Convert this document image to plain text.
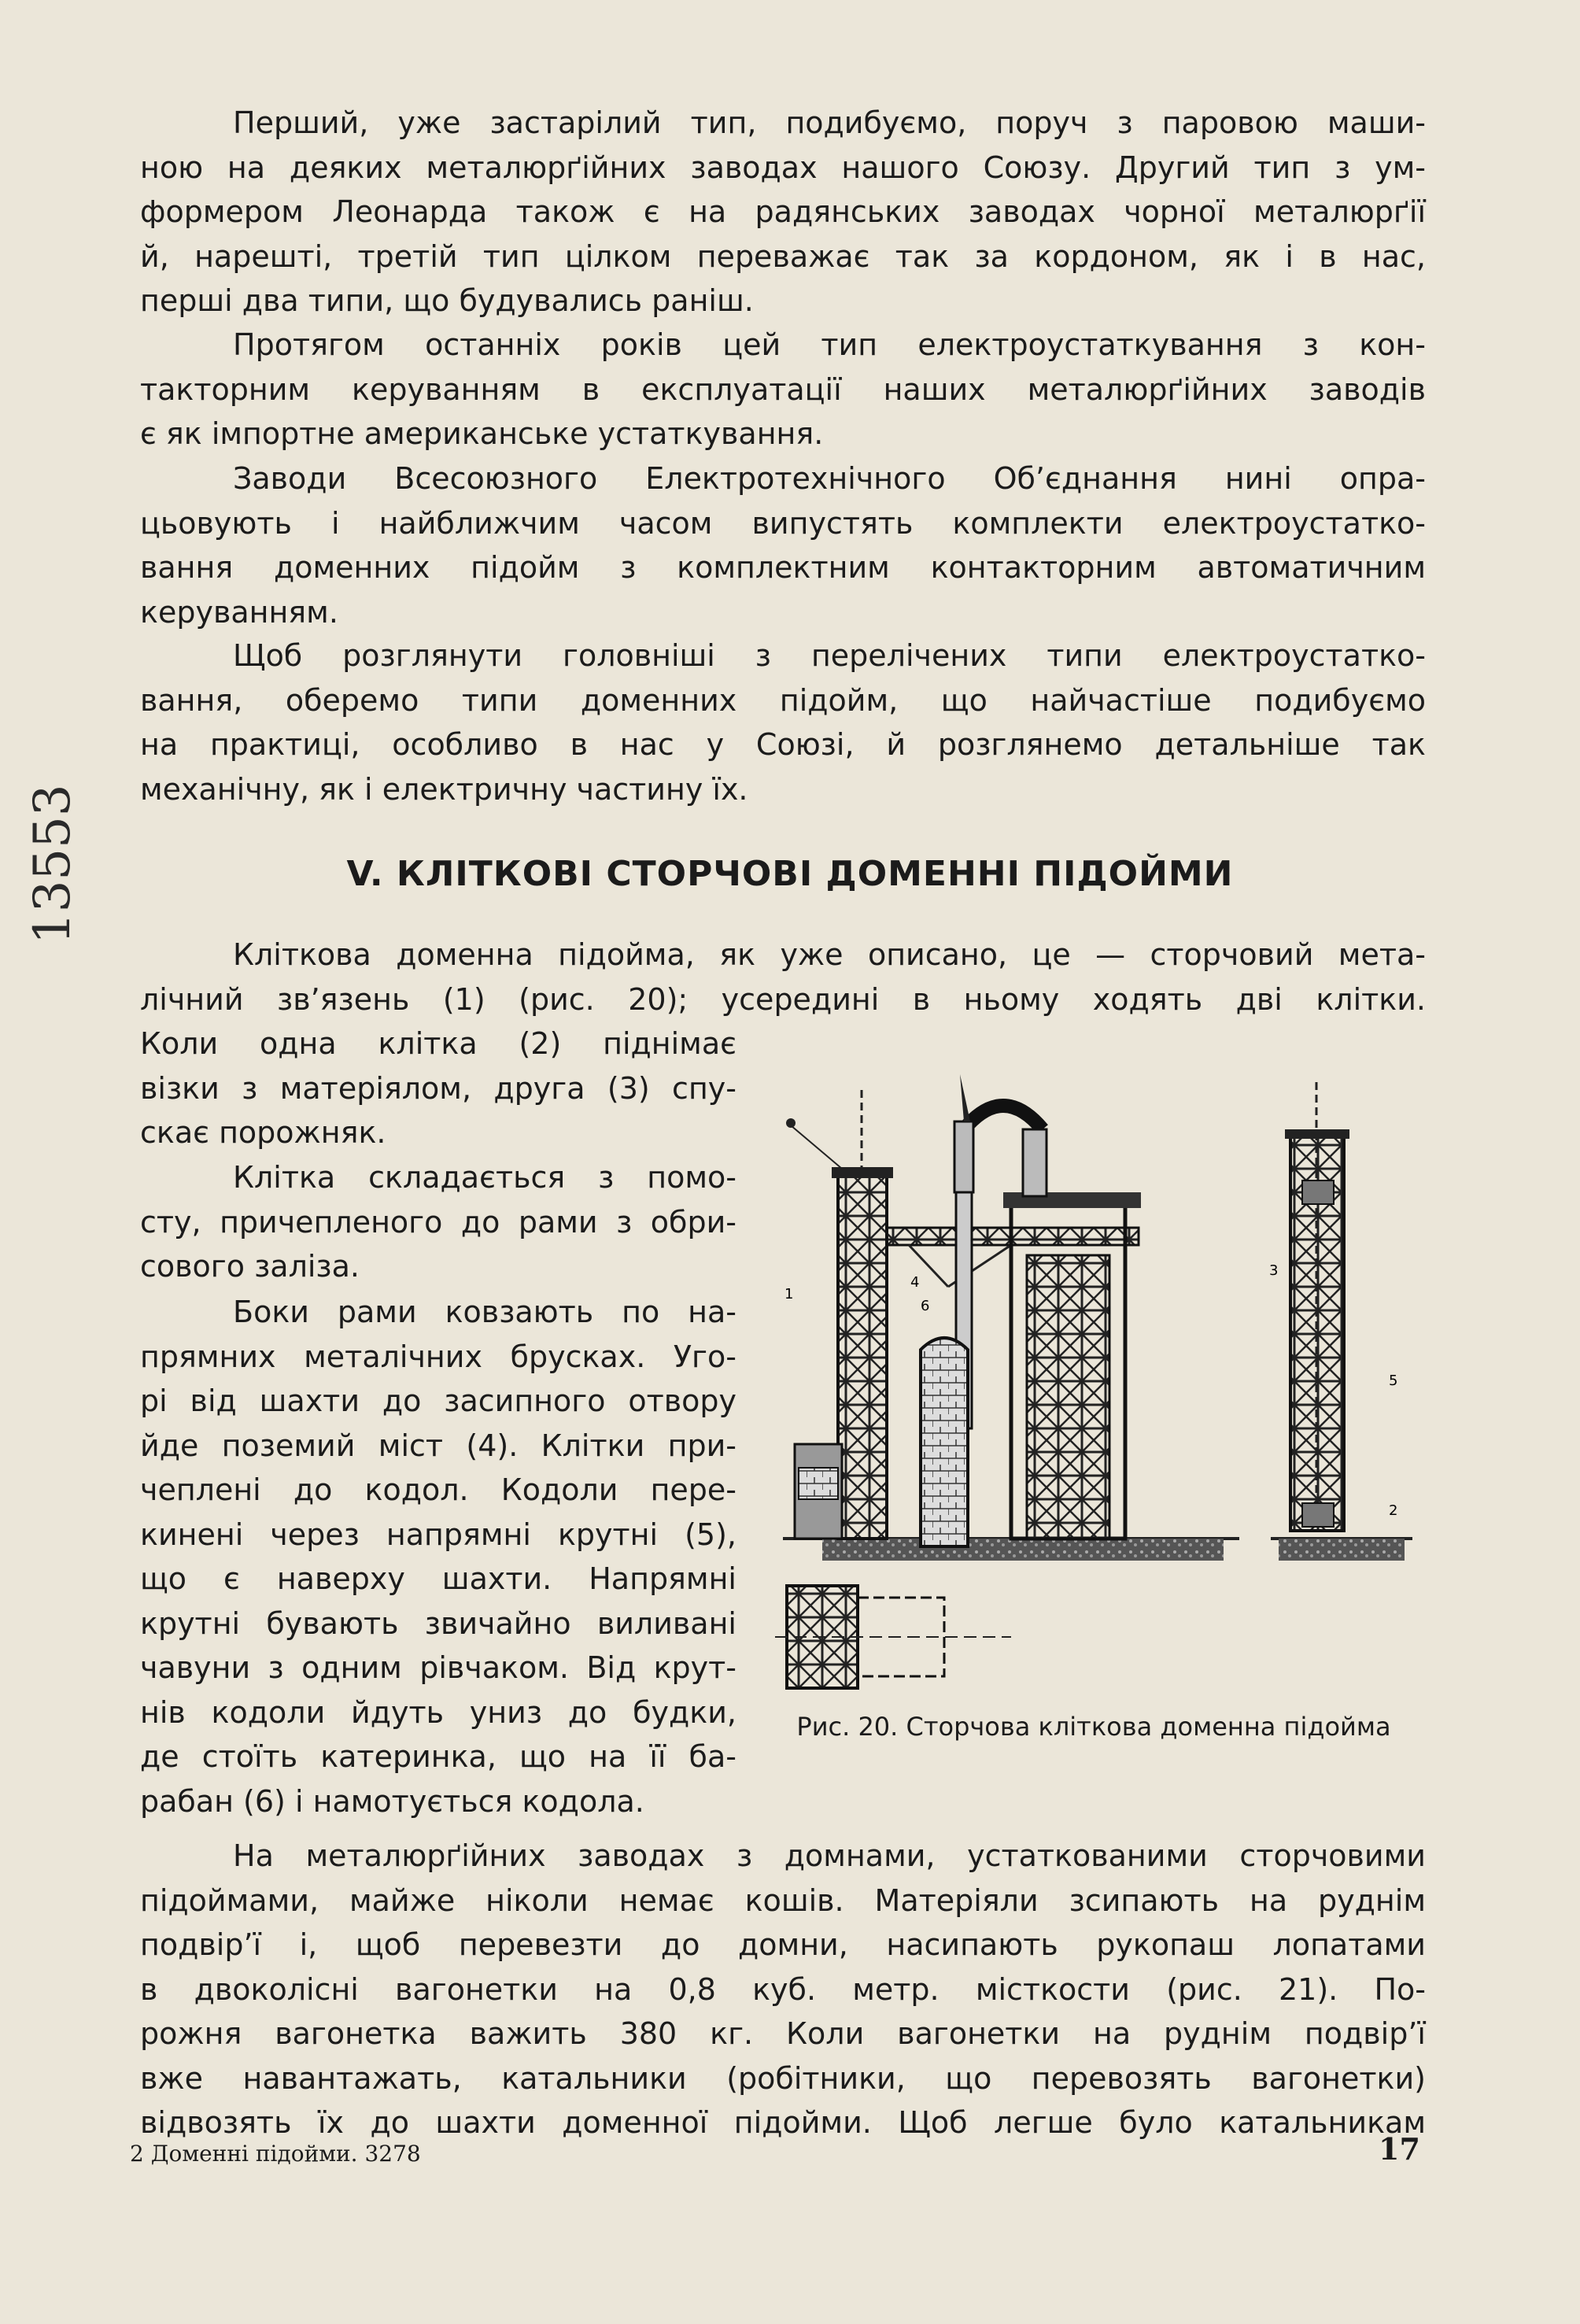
Перший, уже застарілий тип, подибуємо, поруч з паровою маши-
ною на деяких металюрґійних заводах нашого Союзу. Другий тип з ум-
формером Леонарда також є на радянських заводах чорної металюрґії
й, нарешті, третій тип цілком переважає так за кордоном, як і в нас,
перші два типи, що будувались раніш.
Протягом останніх років цей тип електроустаткування з кон-
такторним керуванням в експлуатації наших металюрґійних заводів
є як імпортне американське устаткування.
Заводи Всесоюзного Електротехнічного Об’єднання нині опра-
цьовують і найближчим часом випустять комплекти електроустатко-
вання доменних підойм з комплектним контакторним автоматичним
керуванням.
Щоб розглянути головніші з перелічених типи електроустатко-
вання, оберемо типи доменних підойм, що найчастіше подибуємо
на практиці, особливо в нас у Союзі, й розглянемо детальніше так
механічну, як і електричну частину їх.
V. КЛІТКОВІ СТОРЧОВІ ДОМЕННІ ПІДОЙМИ
Кліткова доменна підойма, як уже описано, це — сторчовий мета-
лічний зв’язень (1) (рис. 20); усередині в ньому ходять дві клітки.
Коли одна клітка (2) піднімає
візки з матеріялом, друга (3) спу-
скає порожняк.
Клітка складається з помо-
сту, причепленого до рами з обри-
сового заліза.
Боки рами ковзають по на-
прямних металічних брусках. Уго-
рі від шахти до засипного отвору
йде поземий міст (4). Клітки при-
чеплені до кодол. Кодоли пере-
кинені через напрямні крутні (5),
що є наверху шахти. Напрямні
крутні бувають звичайно виливані
чавуни з одним рівчаком. Від крут-
нів кодоли йдуть униз до будки,
де стоїть катеринка, що на її ба-
рабан (6) і намотується кодола.
1
2
3
4
5
6
Рис. 20. Сторчова кліткова доменна підойма
На металюрґійних заводах з домнами, устаткованими сторчовими
підоймами, майже ніколи немає кошів. Матеріяли зсипають на руднім
подвір’ї і, щоб перевезти до домни, насипають рукопаш лопатами
в двоколісні вагонетки на 0,8 куб. метр. місткости (рис. 21). По-
рожня вагонетка важить 380 кг. Коли вагонетки на руднім подвір’ї
вже навантажать, катальники (робітники, що перевозять вагонетки)
відвозять їх до шахти доменної підойми. Щоб легше було катальникам
2 Доменні підойми. 3278	17
13553
